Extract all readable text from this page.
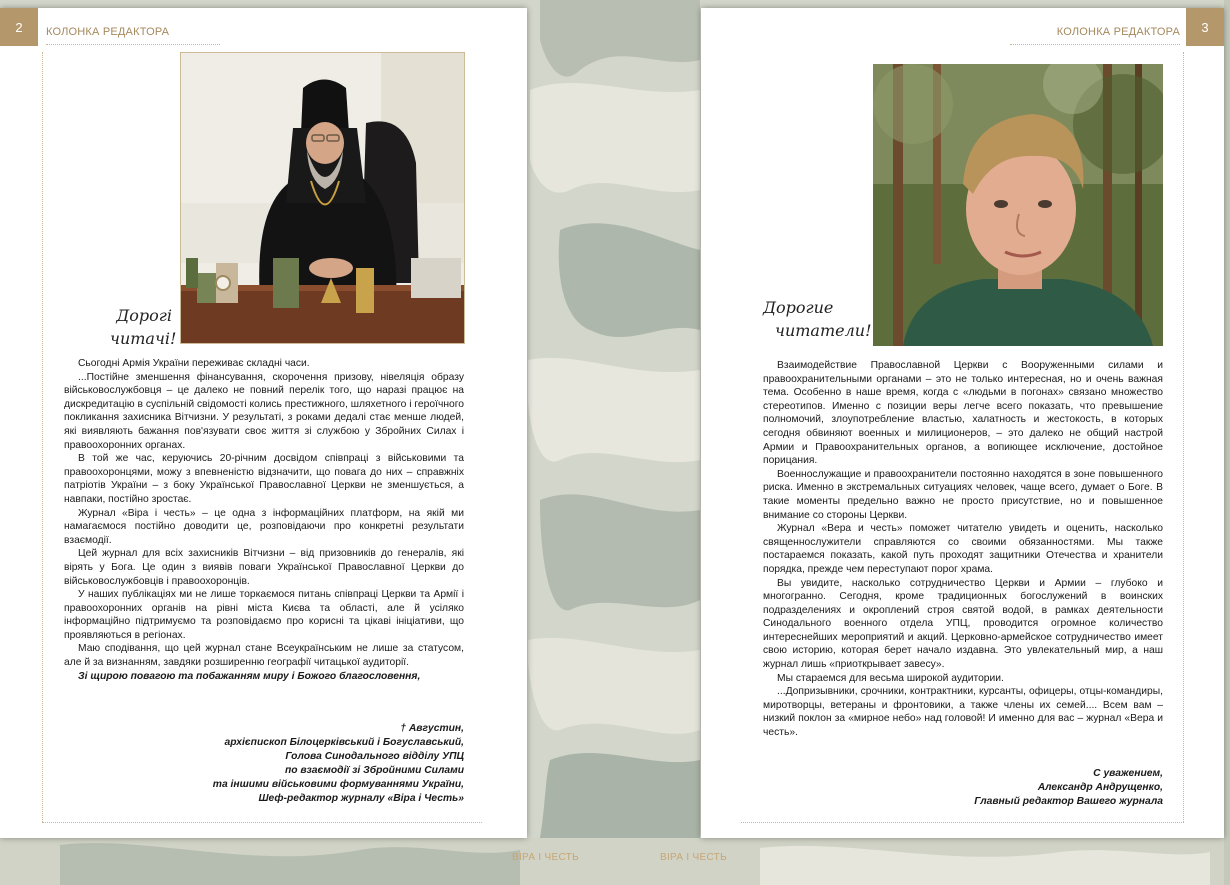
2	КОЛОНКА РЕДАКТОРА
Дорогі
читачі!

Сьогодні Армія України переживає складні часи.

...Постійне зменшення фінансування, скорочення призову, нівеляція образу військовослужбовця – це далеко не повний перелік того, що наразі працює на дискредитацію в суспільній свідомості колись престижного, шляхетного і героїчного покликання захисника Вітчизни. У результаті, з роками дедалі стає менше людей, які виявляють бажання пов'язувати своє життя зі службою у Збройних Силах і правоохоронних органах.

В той же час, керуючись 20-річним досвідом співпраці з військовими та правоохоронцями, можу з впевненістю відзначити, що повага до них – справжніх патріотів України – з боку Української Православної Церкви не зменшується, а навпаки, постійно зростає.

Журнал «Віра і честь» – це одна з інформаційних платформ, на якій ми намагаємося постійно доводити це, розповідаючи про конкретні результати взаємодії.

Цей журнал для всіх захисників Вітчизни – від призовників до генералів, які вірять у Бога. Це один з виявів поваги Української Православної Церкви до військовослужбовців і правоохоронців.

У наших публікаціях ми не лише торкаємося питань співпраці Церкви та Армії і правоохоронних органів на рівні міста Києва та області, але й усіляко інформаційно підтримуємо та розповідаємо про корисні та цікаві ініціативи, що проявляються в регіонах.

Маю сподівання, що цей журнал стане Всеукраїнським не лише за статусом, але й за визнанням, завдяки розширенню географії читацької аудиторії.

Зі щирою повагою та побажанням миру і Божого благословення,

† Августин,
архієпископ Білоцерківський і Богуславський,
Голова Синодального відділу УПЦ
по взаємодії зі Збройними Силами
та іншими військовими формуваннями України,
Шеф-редактор журналу «Віра і Честь»
3
КОЛОНКА РЕДАКТОРА
Дорогие
читатели!

Взаимодействие Православной Церкви с Вооруженными силами и правоохранительными органами – это не только интересная, но и очень важная тема. Особенно в наше время, когда с «людьми в погонах» связано множество стереотипов. Именно с позиции веры легче всего показать, что превышение полномочий, злоупотребление властью, халатность и жестокость, в которых сегодня обвиняют военных и милиционеров, – это далеко не общий настрой Армии и Правоохранительных органов, а вопиющее исключение, достойное порицания.

Военнослужащие и правоохранители постоянно находятся в зоне повышенного риска. Именно в экстремальных ситуациях человек, чаще всего, думает о Боге. В такие моменты предельно важно не просто присутствие, но и повышенное внимание со стороны Церкви.

Журнал «Вера и честь» поможет читателю увидеть и оценить, насколько священнослужители справляются со своими обязанностями. Мы также постараемся показать, какой путь проходят защитники Отечества и хранители порядка, прежде чем переступают порог храма.

Вы увидите, насколько сотрудничество Церкви и Армии – глубоко и многогранно. Сегодня, кроме традиционных богослужений в воинских подразделениях и окроплений строя святой водой, в рамках деятельности Синодального военного отдела УПЦ, проводится огромное количество интереснейших мероприятий и акций. Церковно-армейское сотрудничество имеет свою историю, которая берет начало издавна. Это увлекательный мир, а наш журнал лишь «приоткрывает завесу».

Мы стараемся для весьма широкой аудитории.

...Допризывники, срочники, контрактники, курсанты, офицеры, отцы-командиры, миротворцы, ветераны и фронтовики, а также члены их семей.... Всем вам – низкий поклон за «мирное небо» над головой! И именно для вас – журнал «Вера и честь».

С уважением,
Александр Андрущенко,
Главный редактор Вашего журнала
ВІРА І ЧЕСТЬ	ВІРА І ЧЕСТЬ
